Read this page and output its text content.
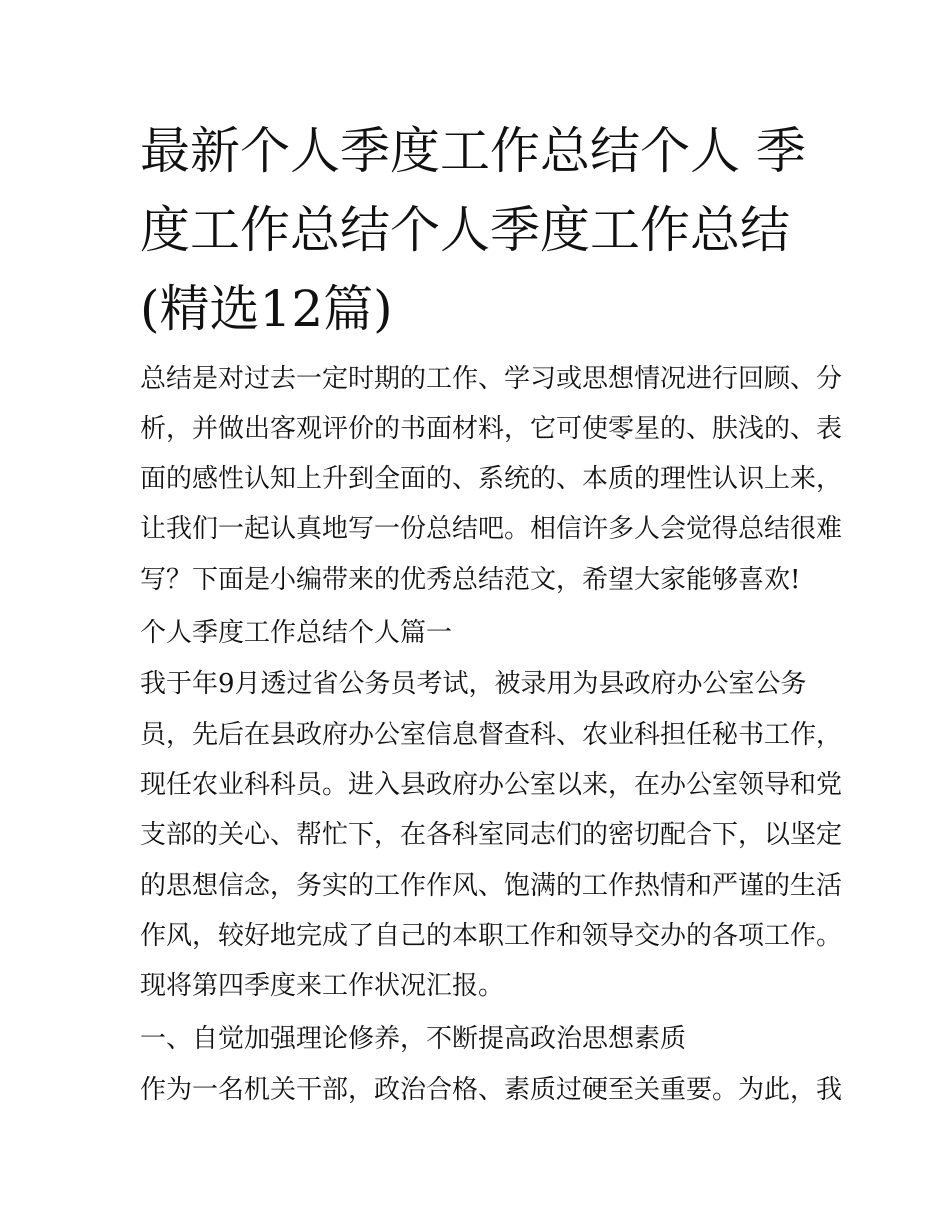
最新个人季度工作总结个人 季
度工作总结个人季度工作总结
(精选12篇)
总结是对过去一定时期的工作、学习或思想情况进行回顾、分
析，并做出客观评价的书面材料，它可使零星的、肤浅的、表
面的感性认知上升到全面的、系统的、本质的理性认识上来，
让我们一起认真地写一份总结吧。相信许多人会觉得总结很难
写？下面是小编带来的优秀总结范文，希望大家能够喜欢!
个人季度工作总结个人篇一
我于年9月透过省公务员考试，被录用为县政府办公室公务
员，先后在县政府办公室信息督查科、农业科担任秘书工作，
现任农业科科员。进入县政府办公室以来，在办公室领导和党
支部的关心、帮忙下，在各科室同志们的密切配合下，以坚定
的思想信念，务实的工作作风、饱满的工作热情和严谨的生活
作风，较好地完成了自己的本职工作和领导交办的各项工作。
现将第四季度来工作状况汇报。
一、自觉加强理论修养，不断提高政治思想素质
作为一名机关干部，政治合格、素质过硬至关重要。为此，我
